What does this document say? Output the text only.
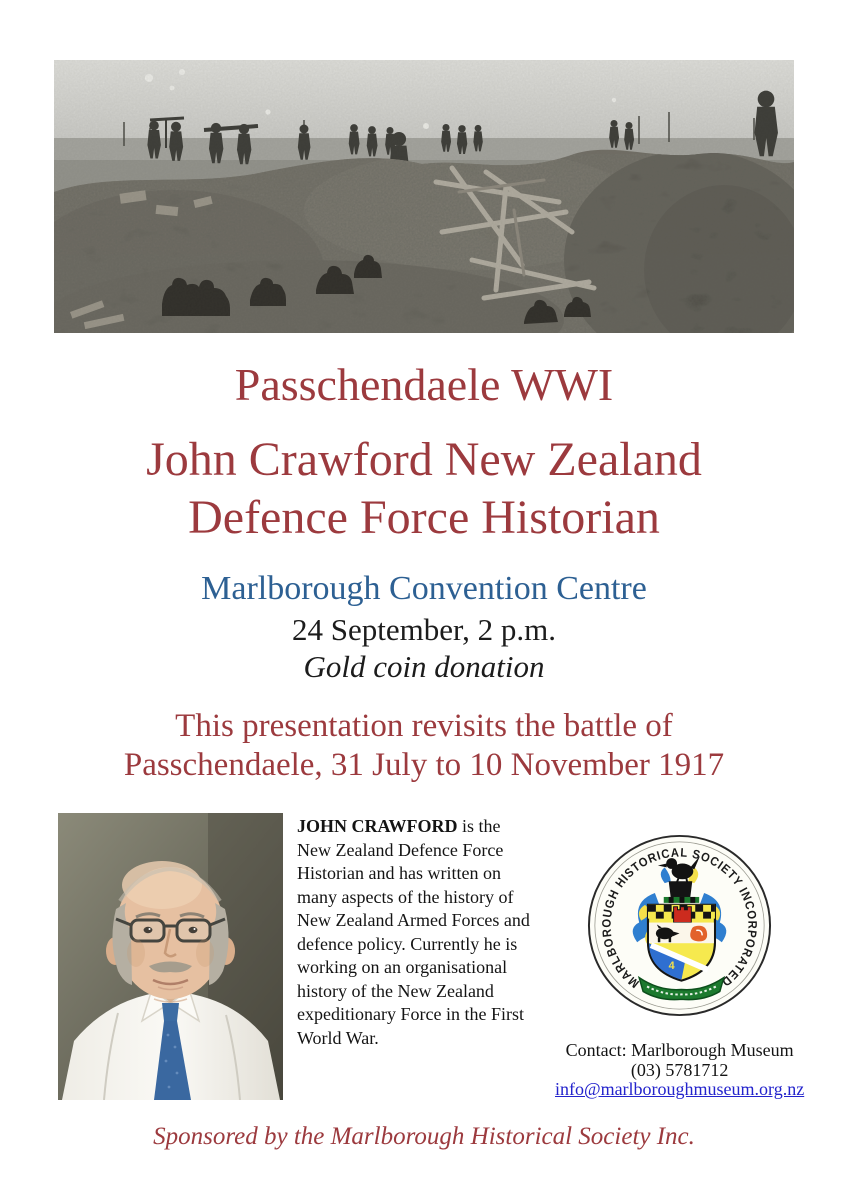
Passchendaele WWI
John Crawford New Zealand
Defence Force Historian
Marlborough Convention Centre
24 September, 2 p.m.
Gold coin donation
This presentation revisits the battle of
Passchendaele, 31 July to 10 November 1917
JOHN CRAWFORD is the New Zealand Defence Force Historian and has written on many aspects of the history of New Zealand Armed Forces and defence policy. Currently he is working on an organisational history of the New Zealand expeditionary Force in the First World War.
MARLBOROUGH HISTORICAL SOCIETY INCORPORATED
4
Contact: Marlborough Museum
(03) 5781712
info@marlboroughmuseum.org.nz
Sponsored by the Marlborough Historical Society Inc.
